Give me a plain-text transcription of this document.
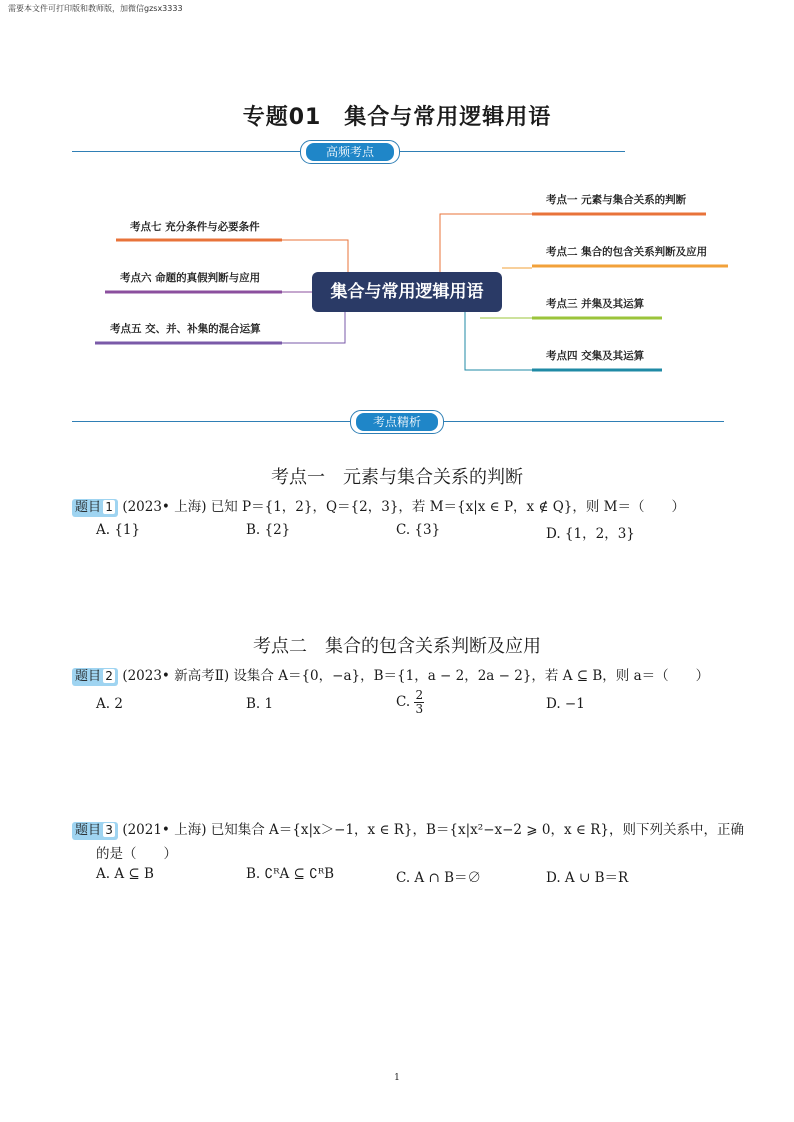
需要本文件可打印版和教师版，加微信gzsx3333
专题01　集合与常用逻辑用语
高频考点
集合与常用逻辑用语
考点一 元素与集合关系的判断
考点二 集合的包含关系判断及应用
考点三 并集及其运算
考点四 交集及其运算
考点五 交、并、补集的混合运算
考点六 命题的真假判断与应用
考点七 充分条件与必要条件
考点精析
考点一　元素与集合关系的判断
题目 1 (2023• 上海) 已知 P＝{1，2}，Q＝{2，3}，若 M＝{x|x ∈ P，x ∉ Q}，则 M＝（　　）
A. {1}	B. {2}	C. {3}	D. {1，2，3}
考点二　集合的包含关系判断及应用
题目 2 (2023• 新高考Ⅱ) 设集合 A＝{0，−a}，B＝{1，a − 2，2a − 2}，若 A ⊆ B，则 a＝（　　）
A. 2	B. 1	C. $\frac{2}{3}$	D. −1
题目 3 (2021• 上海) 已知集合 A＝{x|x＞−1，x ∈ R}，B＝{x|x²−x−2 ⩾ 0，x ∈ R}，则下列关系中，正确
的是（　　）
A. A ⊆ B	B. ∁ᴿA ⊆ ∁ᴿB	C. A ∩ B＝∅	D. A ∪ B＝R
1
